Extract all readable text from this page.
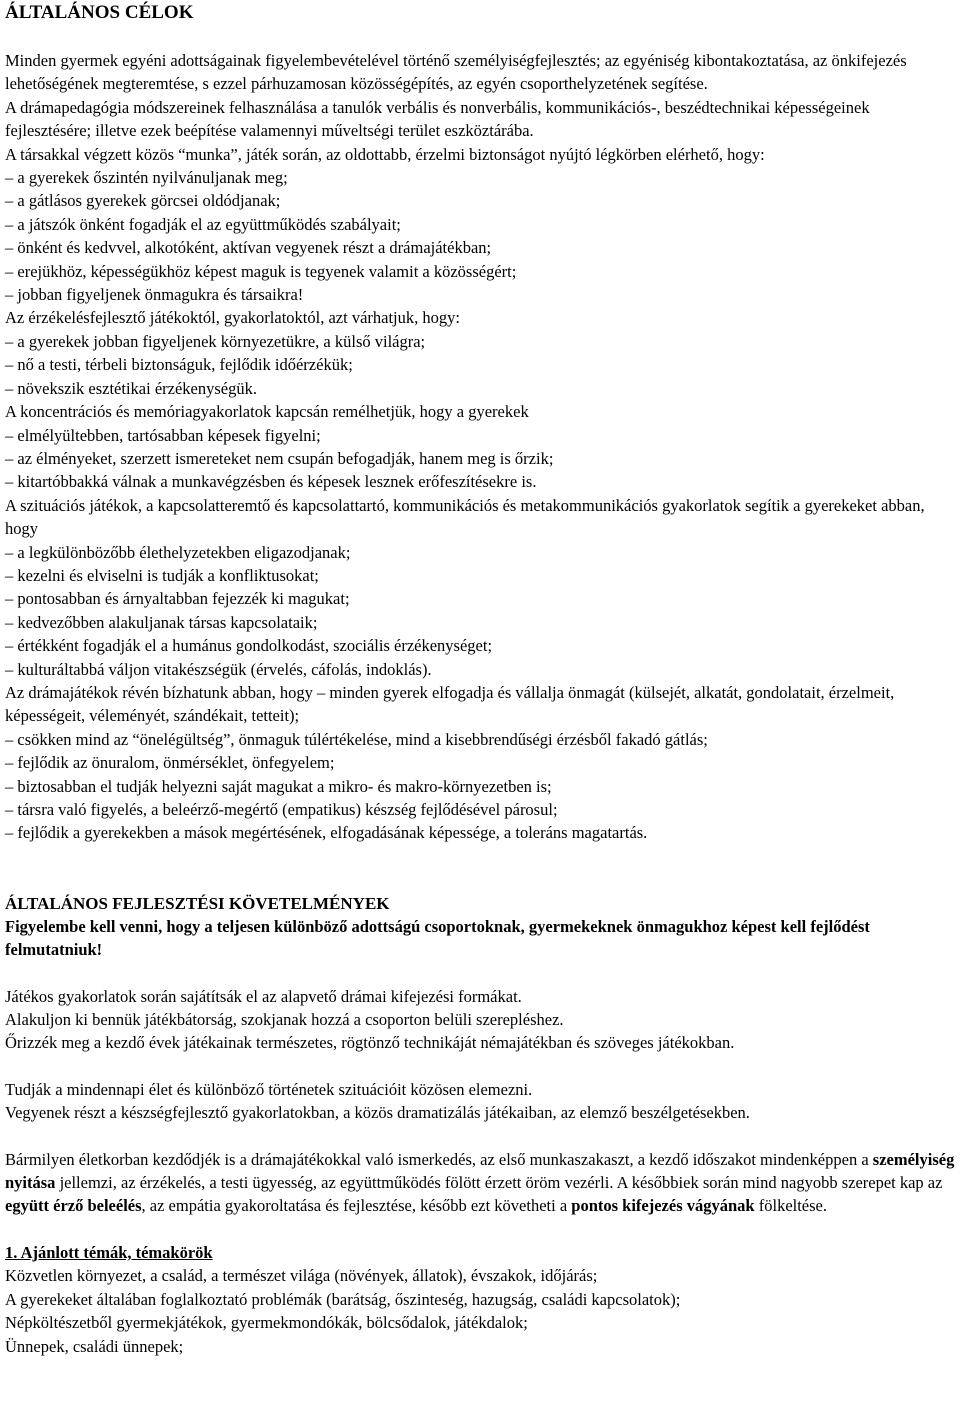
ÁLTALÁNOS CÉLOK

Minden gyermek egyéni adottságainak figyelembevételével történő személyiségfejlesztés; az egyéniség kibontakoztatása, az önkifejezés lehetőségének megteremtése, s ezzel párhuzamosan közösségépítés, az egyén csoporthelyzetének segítése.

A drámapedagógia módszereinek felhasználása a tanulók verbális és nonverbális, kommunikációs-, beszédtechnikai képességeinek fejlesztésére; illetve ezek beépítése valamennyi műveltségi terület eszköztárába.

A társakkal végzett közös “munka”, játék során, az oldottabb, érzelmi biztonságot nyújtó légkörben elérhető, hogy:

– a gyerekek őszintén nyilvánuljanak meg;

– a gátlásos gyerekek görcsei oldódjanak;

– a játszók önként fogadják el az együttműködés szabályait;

– önként és kedvvel, alkotóként, aktívan vegyenek részt a drámajátékban;

– erejükhöz, képességükhöz képest maguk is tegyenek valamit a közösségért;

– jobban figyeljenek önmagukra és társaikra!

Az érzékelésfejlesztő játékoktól, gyakorlatoktól, azt várhatjuk, hogy:

– a gyerekek jobban figyeljenek környezetükre, a külső világra;

– nő a testi, térbeli biztonságuk, fejlődik időérzékük;

– növekszik esztétikai érzékenységük.

A koncentrációs és memóriagyakorlatok kapcsán remélhetjük, hogy a gyerekek

– elmélyültebben, tartósabban képesek figyelni;

– az élményeket, szerzett ismereteket nem csupán befogadják, hanem meg is őrzik;

– kitartóbbakká válnak a munkavégzésben és képesek lesznek erőfeszítésekre is.

A szituációs játékok, a kapcsolatteremtő és kapcsolattartó, kommunikációs és metakommunikációs gyakorlatok segítik a gyerekeket abban, hogy

– a legkülönbözőbb élethelyzetekben eligazodjanak;

– kezelni és elviselni is tudják a konfliktusokat;

– pontosabban és árnyaltabban fejezzék ki magukat;

– kedvezőbben alakuljanak társas kapcsolataik;

– értékként fogadják el a humánus gondolkodást, szociális érzékenységet;

– kulturáltabbá váljon vitakészségük (érvelés, cáfolás, indoklás).

Az drámajátékok révén bízhatunk abban, hogy – minden gyerek elfogadja és vállalja önmagát (külsejét, alkatát, gondolatait, érzelmeit, képességeit, véleményét, szándékait, tetteit);

– csökken mind az “önelégültség”, önmaguk túlértékelése, mind a kisebbrendűségi érzésből fakadó gátlás;

– fejlődik az önuralom, önmérséklet, önfegyelem;

– biztosabban el tudják helyezni saját magukat a mikro- és makro-környezetben is;

– társra való figyelés, a beleérző-megértő (empatikus) készség fejlődésével párosul;

– fejlődik a gyerekekben a mások megértésének, elfogadásának képessége, a toleráns magatartás.

ÁLTALÁNOS FEJLESZTÉSI KÖVETELMÉNYEK

Figyelembe kell venni, hogy a teljesen különböző adottságú csoportoknak, gyermekeknek önmagukhoz képest kell fejlődést felmutatniuk!

Játékos gyakorlatok során sajátítsák el az alapvető drámai kifejezési formákat.

Alakuljon ki bennük játékbátorság, szokjanak hozzá a csoporton belüli szerepléshez.

Őrizzék meg a kezdő évek játékainak természetes, rögtönző technikáját némajátékban és szöveges játékokban.

Tudják a mindennapi élet és különböző történetek szituációit közösen elemezni.

Vegyenek részt a készségfejlesztő gyakorlatokban, a közös dramatizálás játékaiban, az elemző beszélgetésekben.

Bármilyen életkorban kezdődjék is a drámajátékokkal való ismerkedés, az első munkaszakaszt, a kezdő időszakot mindenképpen a személyiség nyitása jellemzi, az érzékelés, a testi ügyesség, az együttműködés fölött érzett öröm vezérli. A későbbiek során mind nagyobb szerepet kap az együtt érző beleélés, az empátia gyakoroltatása és fejlesztése, később ezt követheti a pontos kifejezés vágyának fölkeltése.

1. Ajánlott témák, témakörök

Közvetlen környezet, a család, a természet világa (növények, állatok), évszakok, időjárás;

A gyerekeket általában foglalkoztató problémák (barátság, őszinteség, hazugság, családi kapcsolatok);

Népköltészetből gyermekjátékok, gyermekmondókák, bölcsődalok, játékdalok;

Ünnepek, családi ünnepek;
